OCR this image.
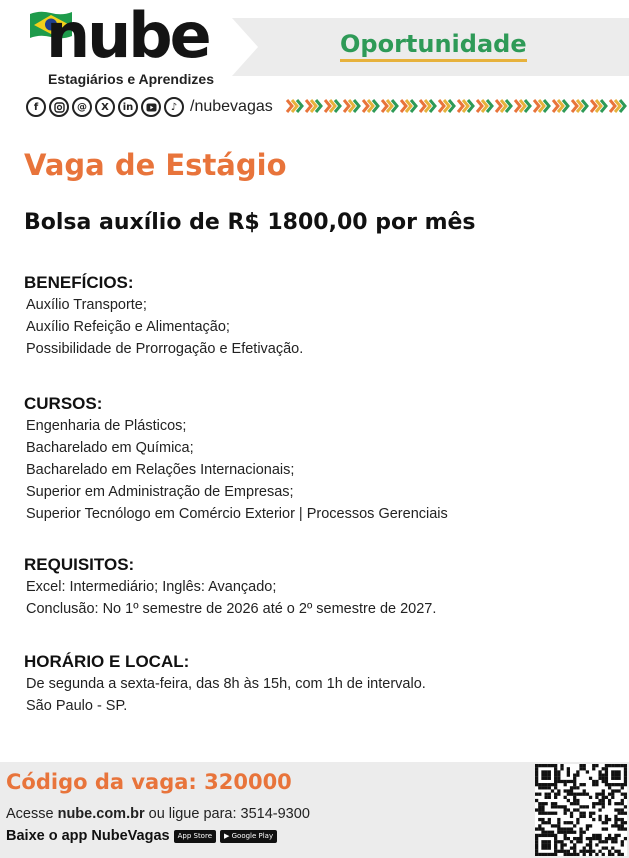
nube
Estagiários e Aprendizes
Oportunidade
f	@	X	in	♪ /nubevagas
Vaga de Estágio
Bolsa auxílio de R$ 1800,00 por mês
BENEFÍCIOS:
Auxílio Transporte;
Auxílio Refeição e Alimentação;
Possibilidade de Prorrogação e Efetivação.
CURSOS:
Engenharia de Plásticos;
Bacharelado em Química;
Bacharelado em Relações Internacionais;
Superior em Administração de Empresas;
Superior Tecnólogo em Comércio Exterior | Processos Gerenciais
REQUISITOS:
Excel: Intermediário; Inglês: Avançado;
Conclusão: No 1º semestre de 2026 até o 2º semestre de 2027.
HORÁRIO E LOCAL:
De segunda a sexta-feira, das 8h às 15h, com 1h de intervalo.
São Paulo - SP.
Código da vaga: 320000
Acesse nube.com.br ou ligue para: 3514-9300
Baixe o app NubeVagas	App Store	▶ Google Play
